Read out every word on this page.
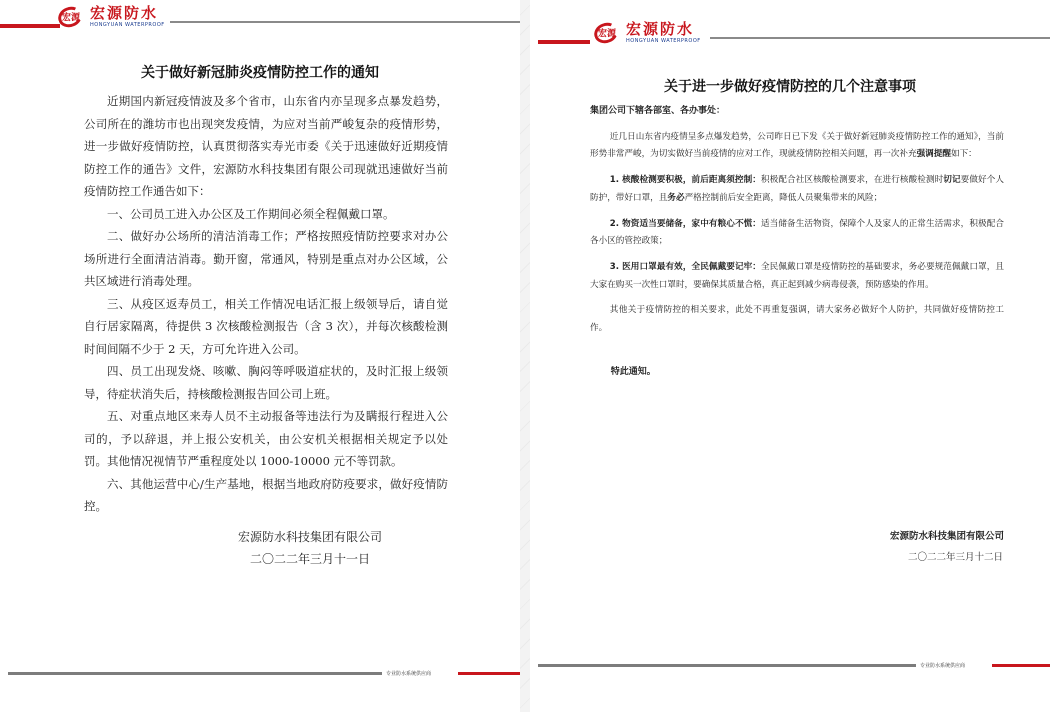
宏源 宏源防水
HONGYUAN WATERPROOF
关于做好新冠肺炎疫情防控工作的通知

近期国内新冠疫情波及多个省市，山东省内亦呈现多点暴发趋势，公司所在的潍坊市也出现突发疫情，为应对当前严峻复杂的疫情形势，进一步做好疫情防控，认真贯彻落实寿光市委《关于迅速做好近期疫情防控工作的通告》文件，宏源防水科技集团有限公司现就迅速做好当前疫情防控工作通告如下：

一、公司员工进入办公区及工作期间必须全程佩戴口罩。

二、做好办公场所的清洁消毒工作；严格按照疫情防控要求对办公场所进行全面清洁消毒。勤开窗，常通风，特别是重点对办公区域，公共区域进行消毒处理。

三、从疫区返寿员工，相关工作情况电话汇报上级领导后，请自觉自行居家隔离，待提供 3 次核酸检测报告（含 3 次），并每次核酸检测时间间隔不少于 2 天，方可允许进入公司。

四、员工出现发烧、咳嗽、胸闷等呼吸道症状的，及时汇报上级领导，待症状消失后，持核酸检测报告回公司上班。

五、对重点地区来寿人员不主动报备等违法行为及瞒报行程进入公司的，予以辞退，并上报公安机关，由公安机关根据相关规定予以处罚。其他情况视情节严重程度处以 1000-10000 元不等罚款。

六、其他运营中心/生产基地，根据当地政府防疫要求，做好疫情防控。

宏源防水科技集团有限公司
二〇二二年三月十一日
专业防水系统供应商
宏源 宏源防水
HONGYUAN WATERPROOF
关于进一步做好疫情防控的几个注意事项

集团公司下辖各部室、各办事处：

近几日山东省内疫情呈多点爆发趋势，公司昨日已下发《关于做好新冠肺炎疫情防控工作的通知》，当前形势非常严峻，为切实做好当前疫情的应对工作，现就疫情防控相关问题，再一次补充强调提醒如下：

1. 核酸检测要积极，前后距离须控制：积极配合社区核酸检测要求，在进行核酸检测时切记要做好个人防护，带好口罩，且务必严格控制前后安全距离，降低人员聚集带来的风险；

2. 物资适当要储备，家中有粮心不慌：适当储备生活物资，保障个人及家人的正常生活需求，积极配合各小区的管控政策；

3. 医用口罩最有效，全民佩戴要记牢：全民佩戴口罩是疫情防控的基础要求，务必要规范佩戴口罩，且大家在购买一次性口罩时，要确保其质量合格，真正起到减少病毒侵袭，预防感染的作用。

其他关于疫情防控的相关要求，此处不再重复强调，请大家务必做好个人防护，共同做好疫情防控工作。

特此通知。

宏源防水科技集团有限公司
二〇二二年三月十二日
专业防水系统供应商
